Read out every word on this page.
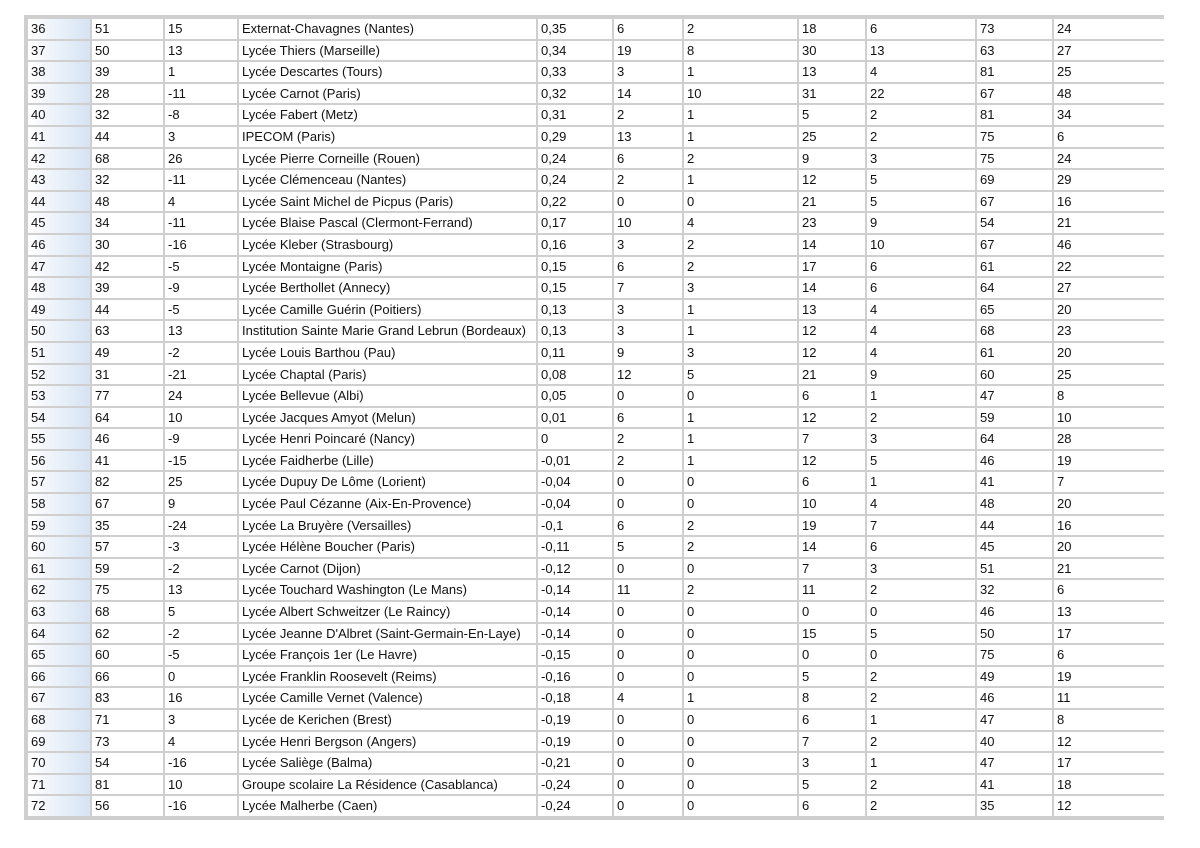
36	51	15	Externat-Chavagnes (Nantes)	0,35	6	2	18	6	73	24
37	50	13	Lycée Thiers (Marseille)	0,34	19	8	30	13	63	27
38	39	1	Lycée Descartes (Tours)	0,33	3	1	13	4	81	25
39	28	-11	Lycée Carnot (Paris)	0,32	14	10	31	22	67	48
40	32	-8	Lycée Fabert (Metz)	0,31	2	1	5	2	81	34
41	44	3	IPECOM (Paris)	0,29	13	1	25	2	75	6
42	68	26	Lycée Pierre Corneille (Rouen)	0,24	6	2	9	3	75	24
43	32	-11	Lycée Clémenceau (Nantes)	0,24	2	1	12	5	69	29
44	48	4	Lycée Saint Michel de Picpus (Paris)	0,22	0	0	21	5	67	16
45	34	-11	Lycée Blaise Pascal (Clermont-Ferrand)	0,17	10	4	23	9	54	21
46	30	-16	Lycée Kleber (Strasbourg)	0,16	3	2	14	10	67	46
47	42	-5	Lycée Montaigne (Paris)	0,15	6	2	17	6	61	22
48	39	-9	Lycée Berthollet (Annecy)	0,15	7	3	14	6	64	27
49	44	-5	Lycée Camille Guérin (Poitiers)	0,13	3	1	13	4	65	20
50	63	13	Institution Sainte Marie Grand Lebrun (Bordeaux)	0,13	3	1	12	4	68	23
51	49	-2	Lycée Louis Barthou (Pau)	0,11	9	3	12	4	61	20
52	31	-21	Lycée Chaptal (Paris)	0,08	12	5	21	9	60	25
53	77	24	Lycée Bellevue (Albi)	0,05	0	0	6	1	47	8
54	64	10	Lycée Jacques Amyot (Melun)	0,01	6	1	12	2	59	10
55	46	-9	Lycée Henri Poincaré (Nancy)	0	2	1	7	3	64	28
56	41	-15	Lycée Faidherbe (Lille)	-0,01	2	1	12	5	46	19
57	82	25	Lycée Dupuy De Lôme (Lorient)	-0,04	0	0	6	1	41	7
58	67	9	Lycée Paul Cézanne (Aix-En-Provence)	-0,04	0	0	10	4	48	20
59	35	-24	Lycée La Bruyère (Versailles)	-0,1	6	2	19	7	44	16
60	57	-3	Lycée Hélène Boucher (Paris)	-0,11	5	2	14	6	45	20
61	59	-2	Lycée Carnot (Dijon)	-0,12	0	0	7	3	51	21
62	75	13	Lycée Touchard Washington (Le Mans)	-0,14	11	2	11	2	32	6
63	68	5	Lycée Albert Schweitzer (Le Raincy)	-0,14	0	0	0	0	46	13
64	62	-2	Lycée Jeanne D'Albret (Saint-Germain-En-Laye)	-0,14	0	0	15	5	50	17
65	60	-5	Lycée François 1er (Le Havre)	-0,15	0	0	0	0	75	6
66	66	0	Lycée Franklin Roosevelt (Reims)	-0,16	0	0	5	2	49	19
67	83	16	Lycée Camille Vernet (Valence)	-0,18	4	1	8	2	46	11
68	71	3	Lycée de Kerichen (Brest)	-0,19	0	0	6	1	47	8
69	73	4	Lycée Henri Bergson (Angers)	-0,19	0	0	7	2	40	12
70	54	-16	Lycée Saliège (Balma)	-0,21	0	0	3	1	47	17
71	81	10	Groupe scolaire La Résidence (Casablanca)	-0,24	0	0	5	2	41	18
72	56	-16	Lycée Malherbe (Caen)	-0,24	0	0	6	2	35	12
